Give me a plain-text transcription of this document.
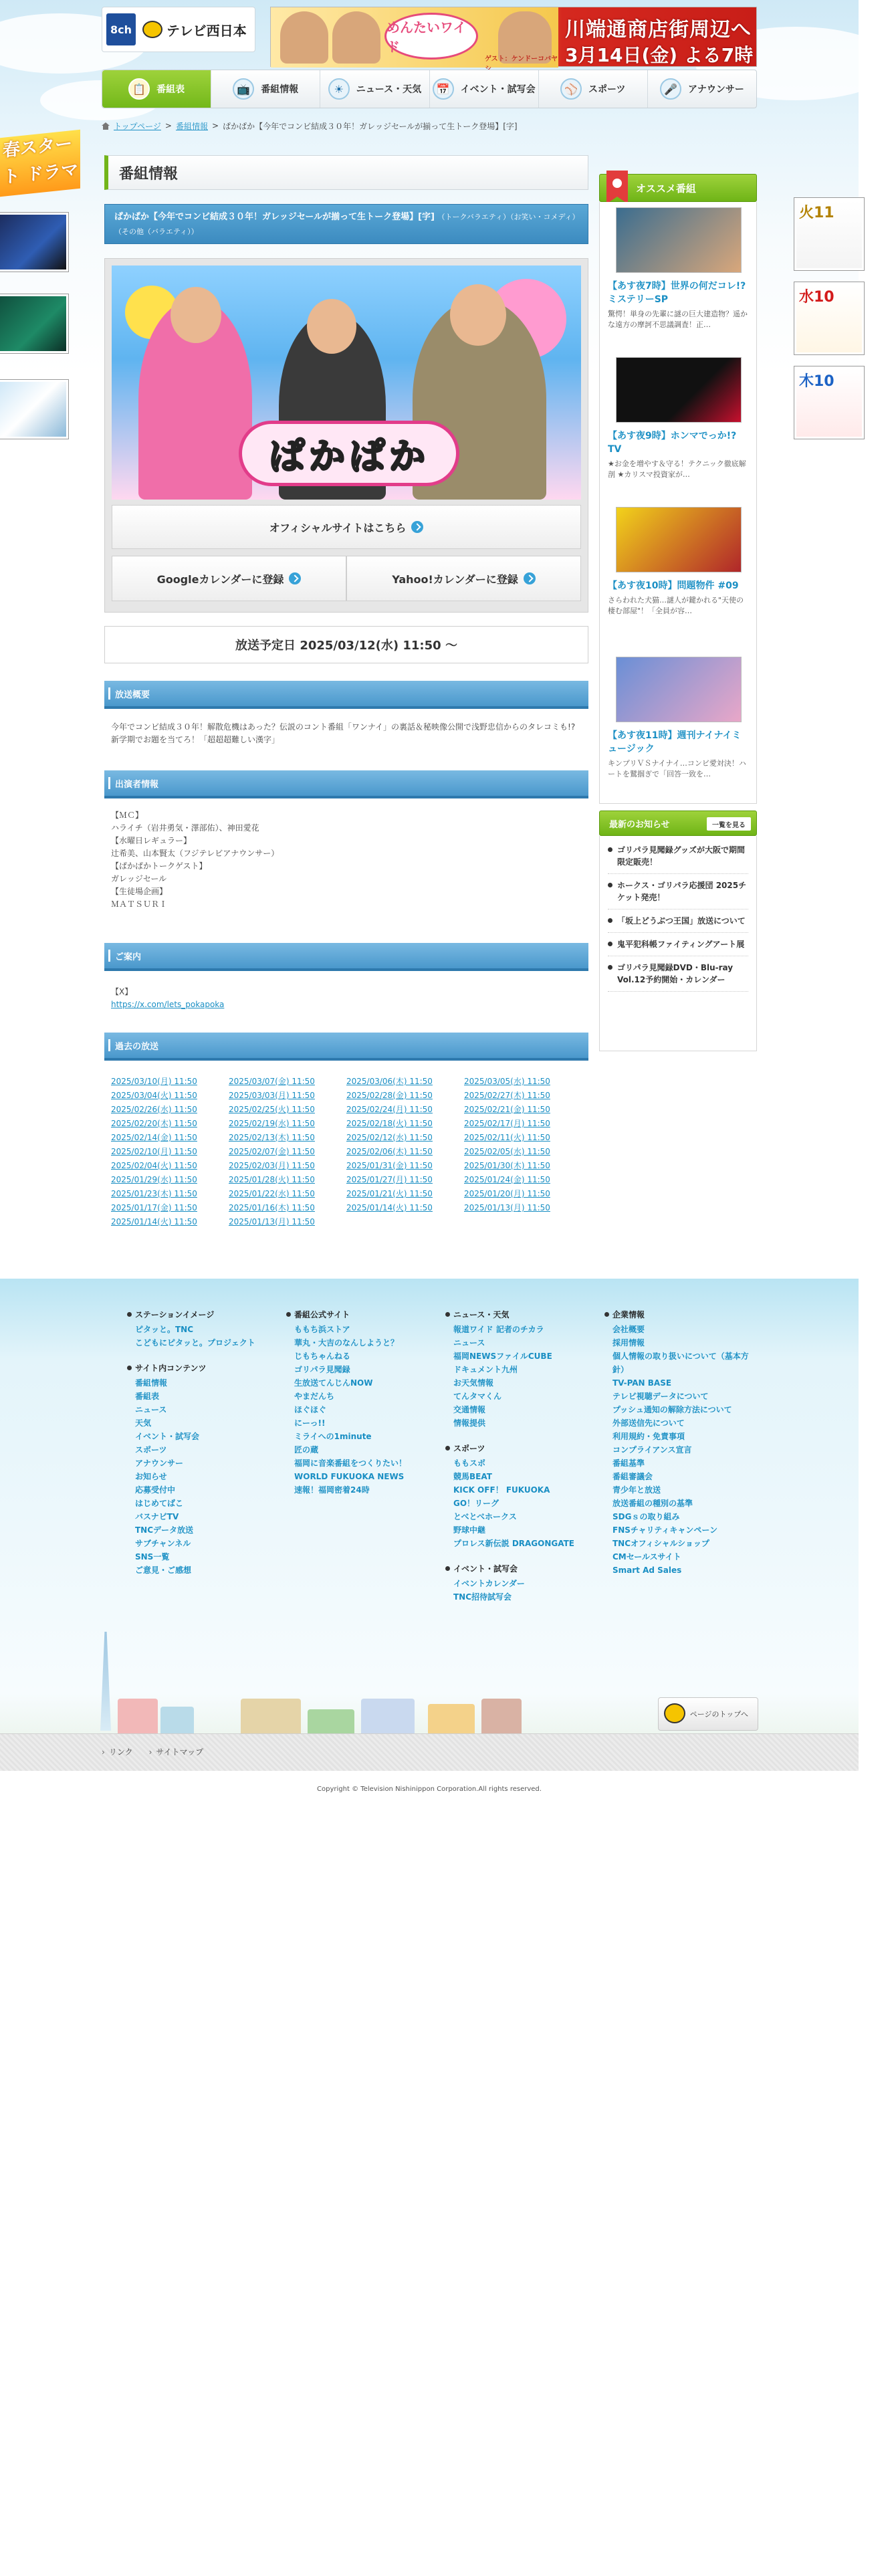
8ch	テレビ西日本	めんたいワイド
ゲスト：ケンドーコバヤ
川端通商店街周辺へ
3月14日(金) よる7時
📋	番組表	📺	番組情報	☀	ニュース・天気	📅	イベント・試写会	⚾	スポーツ	🎤	アナウンサー
トップページ > 番組情報 > ぱかぱか【今年でコンビ結成３０年！ガレッジセールが揃って生トーク登場】[字]
春スタート ドラマ
火11
水10
木10
番組情報
ぱかぱか【今年でコンビ結成３０年！ガレッジセールが揃って生トーク登場】[字] （トークバラエティ）（お笑い・コメディ）（その他（バラエティ））
ぱかぱか
オフィシャルサイトはこちら
Googleカレンダーに登録	Yahoo!カレンダーに登録
放送予定日 2025/03/12(水) 11:50 〜
放送概要
今年でコンビ結成３０年！解散危機はあった？伝説のコント番組「ワンナイ」の裏話＆秘映像公開で浅野忠信からのタレコミも!?新学期でお題を当てろ！「超超超難しい漢字」
出演者情報
【ＭＣ】
ハライチ（岩井勇気・澤部佑）、神田愛花
【水曜日レギュラー】
辻希美、山本賢太（フジテレビアナウンサー）
【ぱかぱかトークゲスト】
ガレッジセール
【生徒場企画】
ＭＡＴＳＵＲＩ
ご案内
【X】
https://x.com/lets_pokapoka
過去の放送
2025/03/10(月) 11:50	2025/03/07(金) 11:50	2025/03/06(木) 11:50	2025/03/05(水) 11:50
2025/03/04(火) 11:50	2025/03/03(月) 11:50	2025/02/28(金) 11:50	2025/02/27(木) 11:50
2025/02/26(水) 11:50	2025/02/25(火) 11:50	2025/02/24(月) 11:50	2025/02/21(金) 11:50
2025/02/20(木) 11:50	2025/02/19(水) 11:50	2025/02/18(火) 11:50	2025/02/17(月) 11:50
2025/02/14(金) 11:50	2025/02/13(木) 11:50	2025/02/12(水) 11:50	2025/02/11(火) 11:50
2025/02/10(月) 11:50	2025/02/07(金) 11:50	2025/02/06(木) 11:50	2025/02/05(水) 11:50
2025/02/04(火) 11:50	2025/02/03(月) 11:50	2025/01/31(金) 11:50	2025/01/30(木) 11:50
2025/01/29(水) 11:50	2025/01/28(火) 11:50	2025/01/27(月) 11:50	2025/01/24(金) 11:50
2025/01/23(木) 11:50	2025/01/22(水) 11:50	2025/01/21(火) 11:50	2025/01/20(月) 11:50
2025/01/17(金) 11:50	2025/01/16(木) 11:50	2025/01/14(火) 11:50	2025/01/13(月) 11:50
2025/01/14(火) 11:50	2025/01/13(月) 11:50
オススメ番組
【あす夜7時】世界の何だコレ!?ミステリーSP
驚愕！単身の先輩に謎の巨大建造物？遥かな遠方の摩訶不思議調査！正…
【あす夜9時】ホンマでっか!?TV
★お金を増やす＆守る！テクニック徹底解剖 ★カリスマ投資家が…
【あす夜10時】問題物件 #09
さらわれた犬猫…謎人が鍵かれる"天使の棲む部屋"！「全員が容…
【あす夜11時】週刊ナイナイミュージック
キンプリＶＳナイナイ…コンビ愛対決！ハートを鷲掴ぎで「回答一致を…
最新のお知らせ	一覧を見る
ゴリパラ見聞録グッズが大阪で期間限定販売！
ホークス・ゴリパラ応援団 2025チケット発売！
「坂上どうぶつ王国」放送について
鬼平犯科帳ファイティングアート展
ゴリパラ見聞録DVD・Blu-ray Vol.12予約開始・カレンダー
ステーションイメージ
ピタッと。TNC
こどもにピタッと。プロジェクト
サイト内コンテンツ
番組情報
番組表
ニュース
天気
イベント・試写会
スポーツ
アナウンサー
お知らせ
応募受付中
はじめてばこ
バスナビTV
TNCデータ放送
サブチャンネル
SNS一覧
ご意見・ご感想
番組公式サイト
ももち浜ストア
華丸・大吉のなんしようと？
じもちゃんねる
ゴリパラ見聞録
生放送てんじんNOW
やまだんち
ほぐほぐ
にーっ!!
ミライへの1minute
匠の蔵
福岡に音楽番組をつくりたい！
WORLD FUKUOKA NEWS
速報！福岡密着24時
ニュース・天気
報道ワイド 記者のチカラ
ニュース
福岡NEWSファイルCUBE
ドキュメント九州
お天気情報
てんタマくん
交通情報
情報提供
スポーツ
ももスポ
競馬BEAT
KICK OFF！ FUKUOKA
GO！リーグ
とべとべホークス
野球中継
プロレス新伝説 DRAGONGATE
イベント・試写会
イベントカレンダー
TNC招待試写会
企業情報
会社概要
採用情報
個人情報の取り扱いについて（基本方針）
TV-PAN BASE
テレビ視聴データについて
プッシュ通知の解除方法について
外部送信先について
利用規約・免責事項
コンプライアンス宣言
番組基準
番組審議会
青少年と放送
放送番組の種別の基準
SDGｓの取り組み
FNSチャリティキャンペーン
TNCオフィシャルショップ
CMセールスサイト
Smart Ad Sales
ページのトップへ
› リンク
›	サイトマップ
Copyright © Television Nishinippon Corporation.All rights reserved.
